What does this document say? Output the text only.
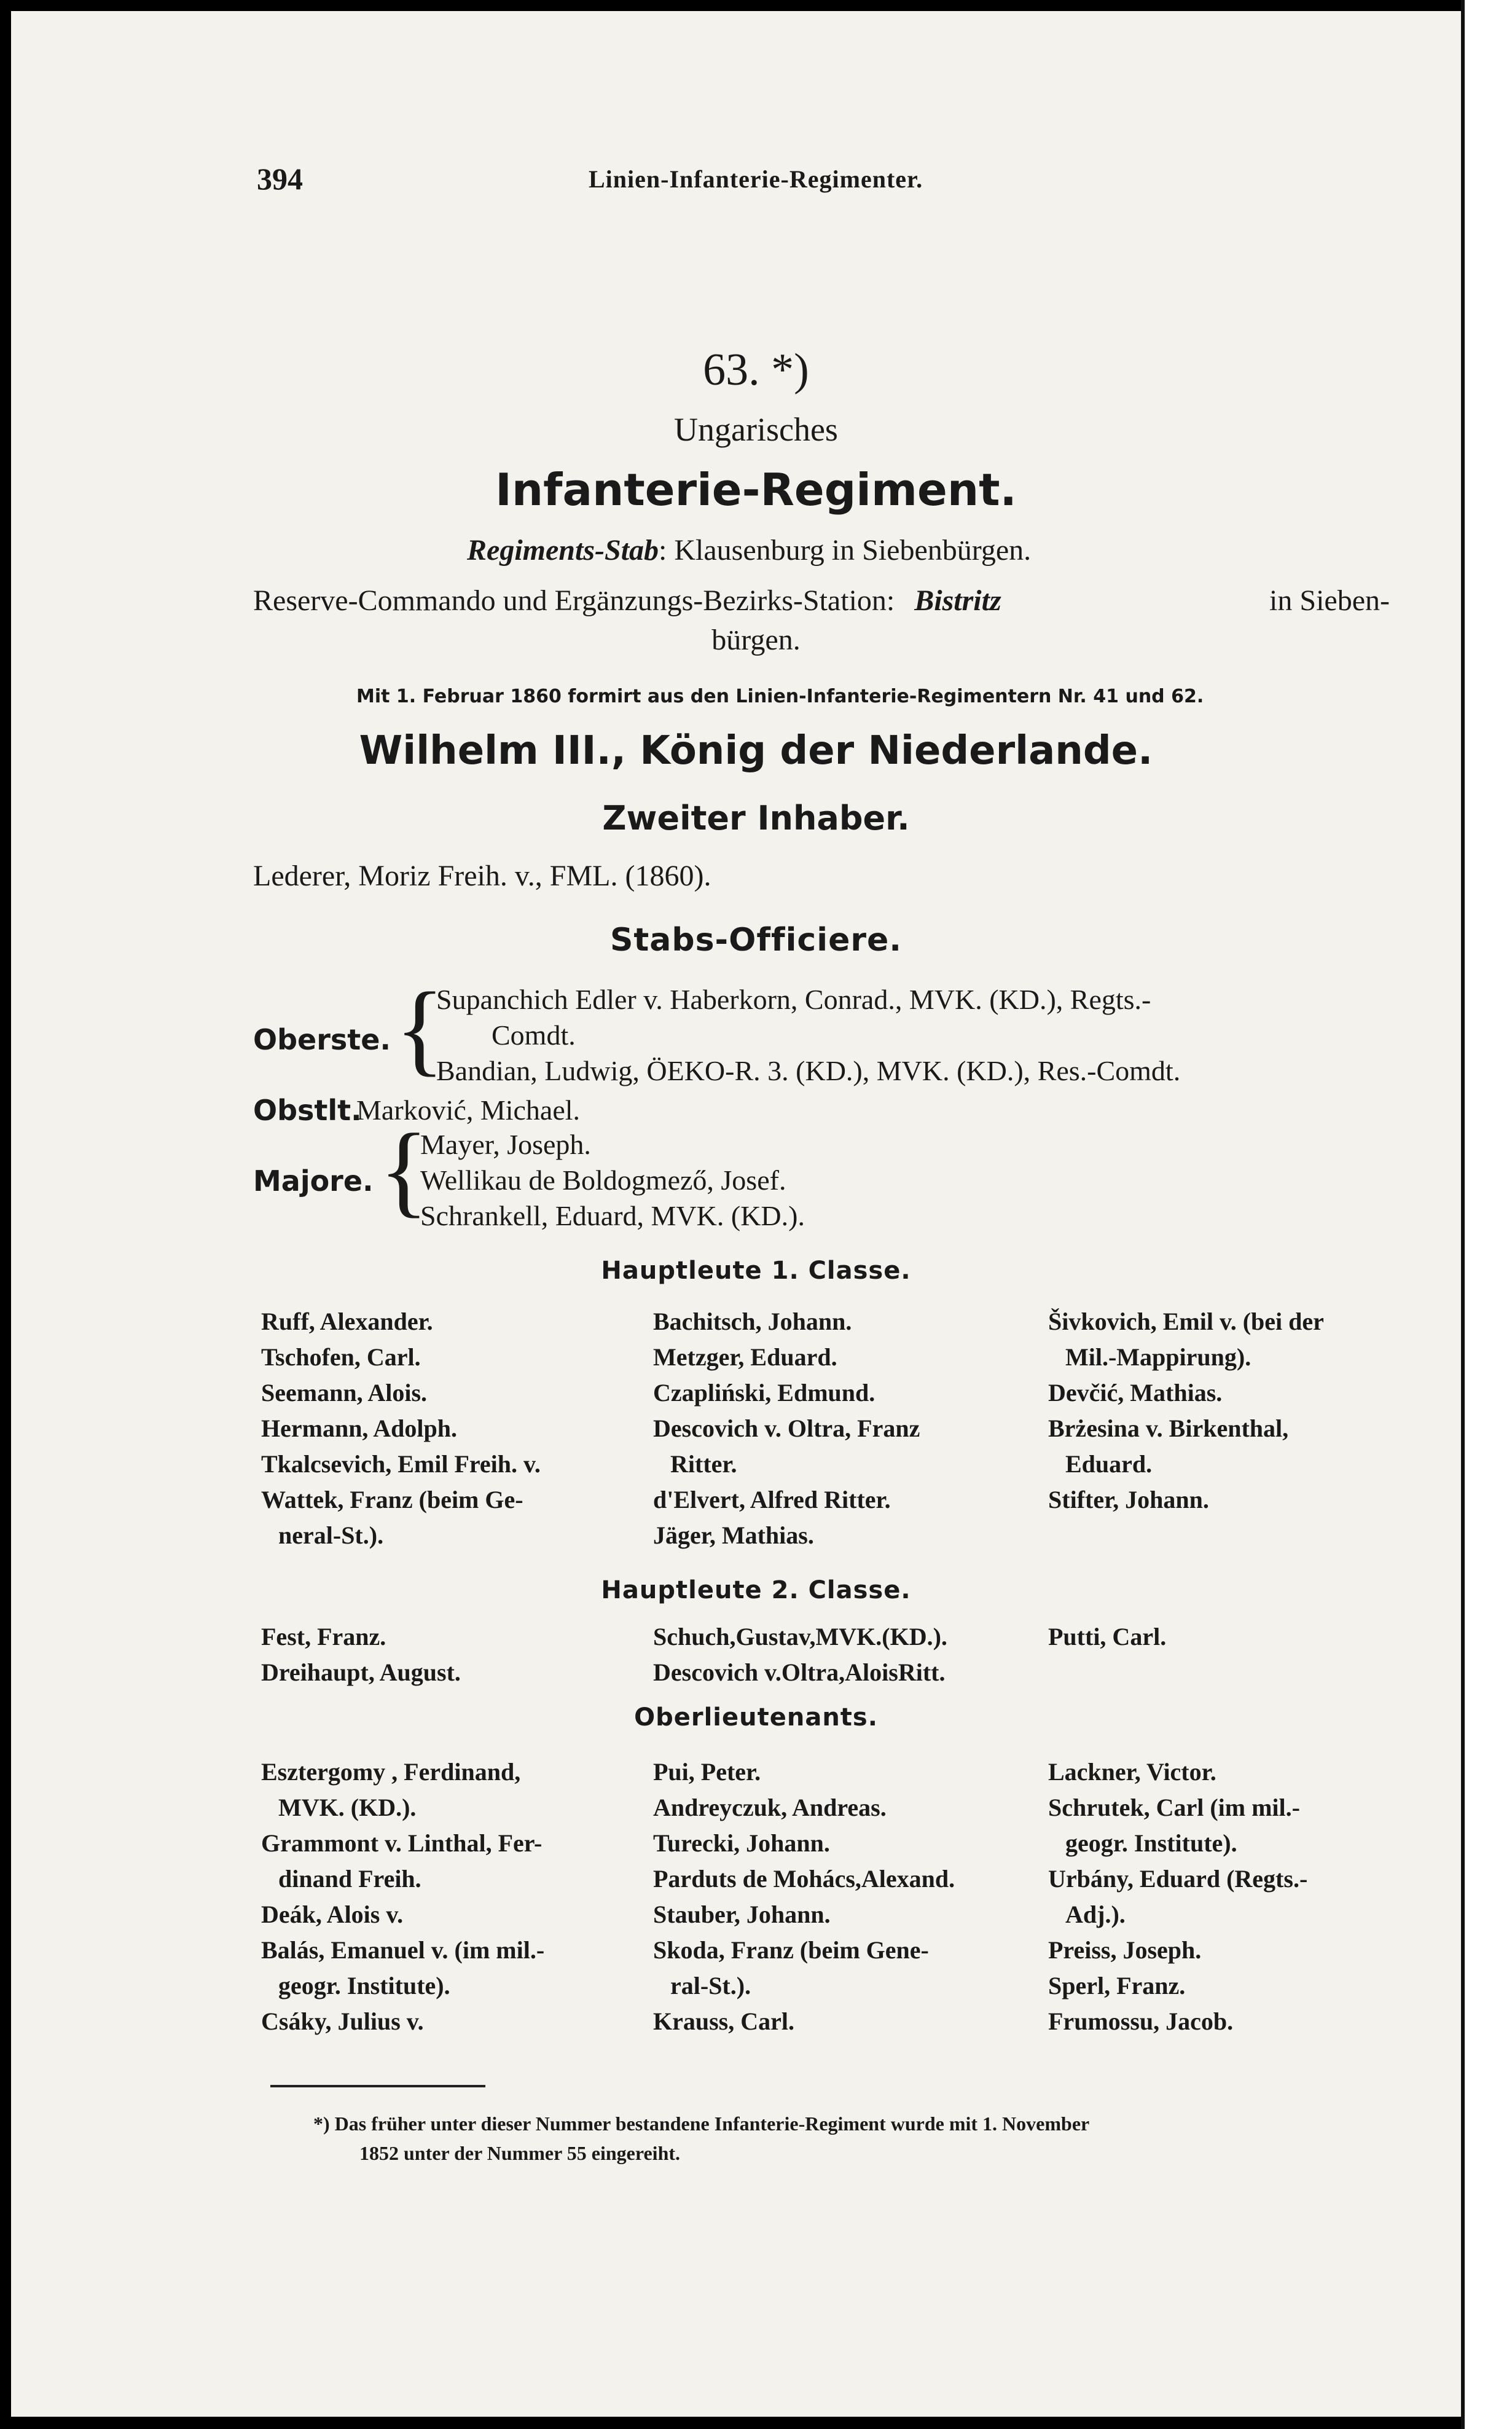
394	Linien-Infanterie-Regimenter.
63. *)
Ungarisches
Infanterie-Regiment.
Regiments-Stab: Klausenburg in Siebenbürgen.
Reserve-Commando und Ergänzungs-Bezirks-Station: Bistritz	in Sieben-
bürgen.
Mit 1. Februar 1860 formirt aus den Linien-Infanterie-Regimentern Nr. 41 und 62.
Wilhelm III., König der Niederlande.
Zweiter Inhaber.
Lederer, Moriz Freih. v., FML. (1860).
Stabs-Officiere.
Oberste. {
Supanchich Edler v. Haberkorn, Conrad., MVK. (KD.), Regts.-
Comdt.
Bandian, Ludwig, ÖEKO-R. 3. (KD.), MVK. (KD.), Res.-Comdt.
Obstlt.
Marković, Michael.
Majore. {
Mayer, Joseph.
Wellikau de Boldogmező, Josef.
Schrankell, Eduard, MVK. (KD.).
Hauptleute 1. Classe.
Ruff, Alexander.
Tschofen, Carl.
Seemann, Alois.
Hermann, Adolph.
Tkalcsevich, Emil Freih. v.
Wattek, Franz (beim Ge-
neral-St.).
Bachitsch, Johann.
Metzger, Eduard.
Czapliński, Edmund.
Descovich v. Oltra, Franz
Ritter.
d'Elvert, Alfred Ritter.
Jäger, Mathias.
Šivkovich, Emil v. (bei der
Mil.-Mappirung).
Devčić, Mathias.
Brżesina v. Birkenthal,
Eduard.
Stifter, Johann.
Hauptleute 2. Classe.
Fest, Franz.
Dreihaupt, August.
Schuch,Gustav,MVK.(KD.).
Descovich v.Oltra,AloisRitt.
Putti, Carl.
Oberlieutenants.
Esztergomy , Ferdinand,
MVK. (KD.).
Grammont v. Linthal, Fer-
dinand Freih.
Deák, Alois v.
Balás, Emanuel v. (im mil.-
geogr. Institute).
Csáky, Julius v.
Pui, Peter.
Andreyczuk, Andreas.
Turecki, Johann.
Parduts de Mohács,Alexand.
Stauber, Johann.
Skoda, Franz (beim Gene-
ral-St.).
Krauss, Carl.
Lackner, Victor.
Schrutek, Carl (im mil.-
geogr. Institute).
Urbány, Eduard (Regts.-
Adj.).
Preiss, Joseph.
Sperl, Franz.
Frumossu, Jacob.
*) Das früher unter dieser Nummer bestandene Infanterie-Regiment wurde mit 1. November
1852 unter der Nummer 55 eingereiht.
